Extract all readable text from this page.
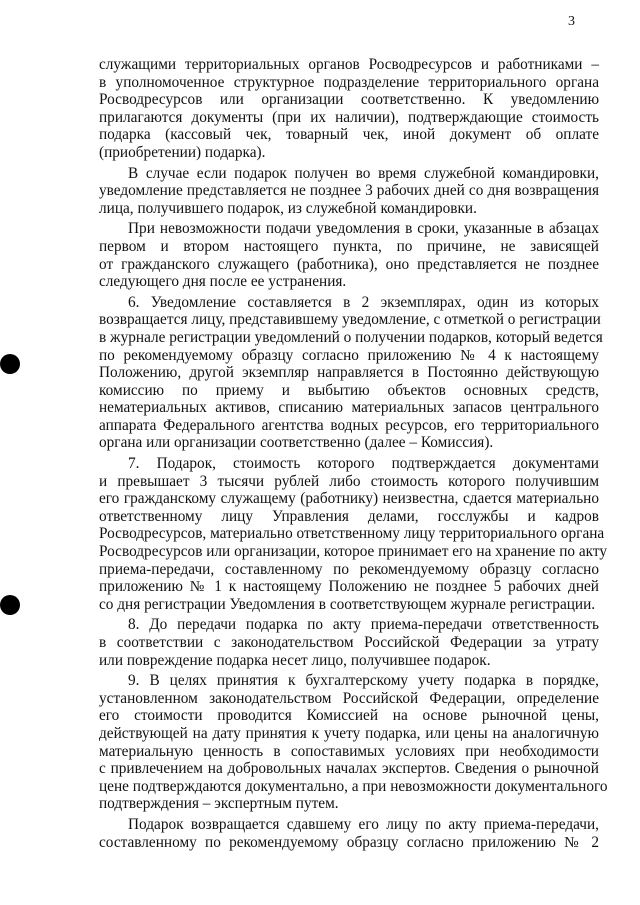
3
служащими территориальных органов Росводресурсов и работниками –
в уполномоченное структурное подразделение территориального органа
Росводресурсов или организации соответственно. К уведомлению
прилагаются документы (при их наличии), подтверждающие стоимость
подарка (кассовый чек, товарный чек, иной документ об оплате
(приобретении) подарка).
В случае если подарок получен во время служебной командировки,
уведомление представляется не позднее 3 рабочих дней со дня возвращения
лица, получившего подарок, из служебной командировки.
При невозможности подачи уведомления в сроки, указанные в абзацах
первом и втором настоящего пункта, по причине, не зависящей
от гражданского служащего (работника), оно представляется не позднее
следующего дня после ее устранения.
6. Уведомление составляется в 2 экземплярах, один из которых
возвращается лицу, представившему уведомление, с отметкой о регистрации
в журнале регистрации уведомлений о получении подарков, который ведется
по рекомендуемому образцу согласно приложению № 4 к настоящему
Положению, другой экземпляр направляется в Постоянно действующую
комиссию по приему и выбытию объектов основных средств,
нематериальных активов, списанию материальных запасов центрального
аппарата Федерального агентства водных ресурсов, его территориального
органа или организации соответственно (далее – Комиссия).
7. Подарок, стоимость которого подтверждается документами
и превышает 3 тысячи рублей либо стоимость которого получившим
его гражданскому служащему (работнику) неизвестна, сдается материально
ответственному лицу Управления делами, госслужбы и кадров
Росводресурсов, материально ответственному лицу территориального органа
Росводресурсов или организации, которое принимает его на хранение по акту
приема-передачи, составленному по рекомендуемому образцу согласно
приложению № 1 к настоящему Положению не позднее 5 рабочих дней
со дня регистрации Уведомления в соответствующем журнале регистрации.
8. До передачи подарка по акту приема-передачи ответственность
в соответствии с законодательством Российской Федерации за утрату
или повреждение подарка несет лицо, получившее подарок.
9. В целях принятия к бухгалтерскому учету подарка в порядке,
установленном законодательством Российской Федерации, определение
его стоимости проводится Комиссией на основе рыночной цены,
действующей на дату принятия к учету подарка, или цены на аналогичную
материальную ценность в сопоставимых условиях при необходимости
с привлечением на добровольных началах экспертов. Сведения о рыночной
цене подтверждаются документально, а при невозможности документального
подтверждения – экспертным путем.
Подарок возвращается сдавшему его лицу по акту приема-передачи,
составленному по рекомендуемому образцу согласно приложению № 2
